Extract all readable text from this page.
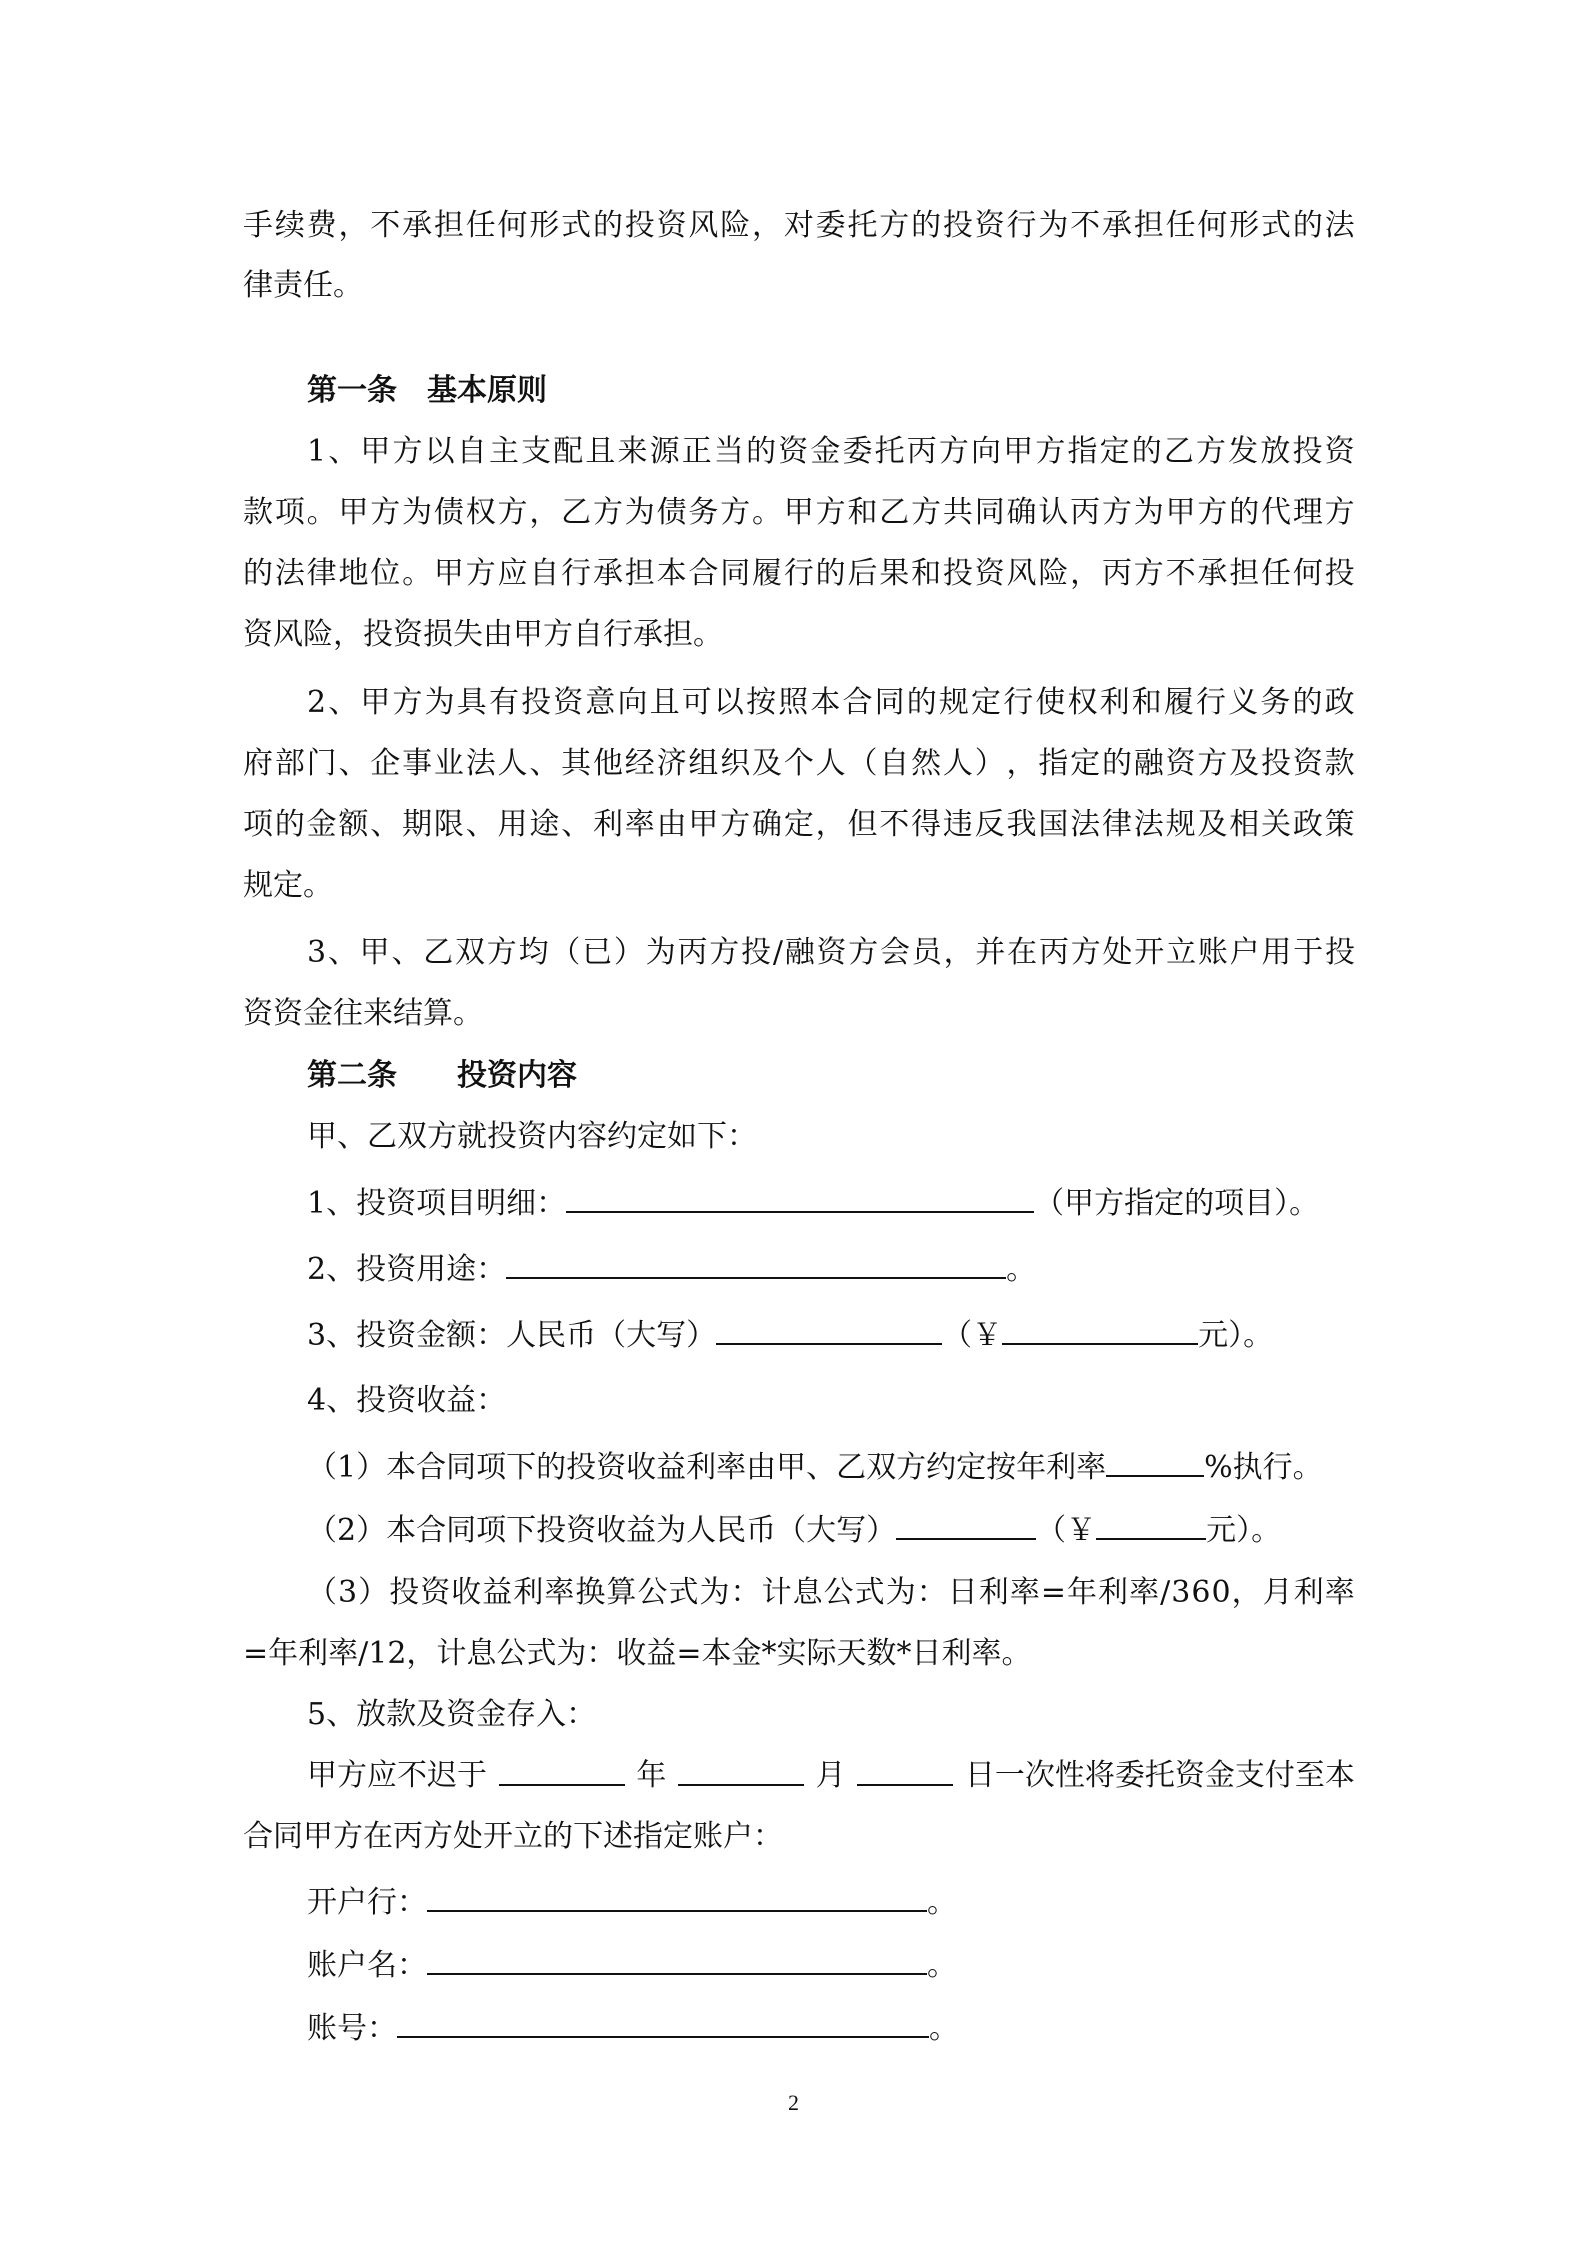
手 续 费 ， 不 承 担 任 何 形 式 的 投 资 风 险 ， 对 委 托 方 的 投 资 行 为 不 承 担 任 何 形 式 的 法
律责任。
第一条　基本原则
1 、 甲 方 以 自 主 支 配 且 来 源 正 当 的 资 金 委 托 丙 方 向 甲 方 指 定 的 乙 方 发 放 投 资
款 项 。 甲 方 为 债 权 方 ， 乙 方 为 债 务 方 。 甲 方 和 乙 方 共 同 确 认 丙 方 为 甲 方 的 代 理 方
的 法 律 地 位 。 甲 方 应 自 行 承 担 本 合 同 履 行 的 后 果 和 投 资 风 险 ， 丙 方 不 承 担 任 何 投
资风险，投资损失由甲方自行承担。
2 、 甲 方 为 具 有 投 资 意 向 且 可 以 按 照 本 合 同 的 规 定 行 使 权 利 和 履 行 义 务 的 政
府 部 门 、 企 事 业 法 人 、 其 他 经 济 组 织 及 个 人 （ 自 然 人 ） ， 指 定 的 融 资 方 及 投 资 款
项 的 金 额 、 期 限 、 用 途 、 利 率 由 甲 方 确 定 ， 但 不 得 违 反 我 国 法 律 法 规 及 相 关 政 策
规定。
3 、 甲 、 乙 双 方 均 （ 已 ） 为 丙 方 投 / 融 资 方 会 员 ， 并 在 丙 方 处 开 立 账 户 用 于 投
资资金往来结算。
第二条　　投资内容
甲、乙双方就投资内容约定如下：
1、投资项目明细：	（甲方指定的项目）。
2、投资用途：	。
3、投资金额：人民币（大写）	（￥	元）。
4、投资收益：
（1）本合同项下的投资收益利率由甲、乙双方约定按年利率	%执行。
（2）本合同项下投资收益为人民币（大写）	（￥	元）。
（ 3 ） 投 资 收 益 利 率 换 算 公 式 为 ： 计 息 公 式 为 ： 日 利 率 = 年 利 率 / 3 6 0 ， 月 利 率
=年利率/12，计息公式为：收益=本金*实际天数*日利率。
5、放款及资金存入：
甲方应不迟于	年	月	日一次性将委托资金支付至本
合同甲方在丙方处开立的下述指定账户：
开户行：	。
账户名：	。
账号：	。
2
